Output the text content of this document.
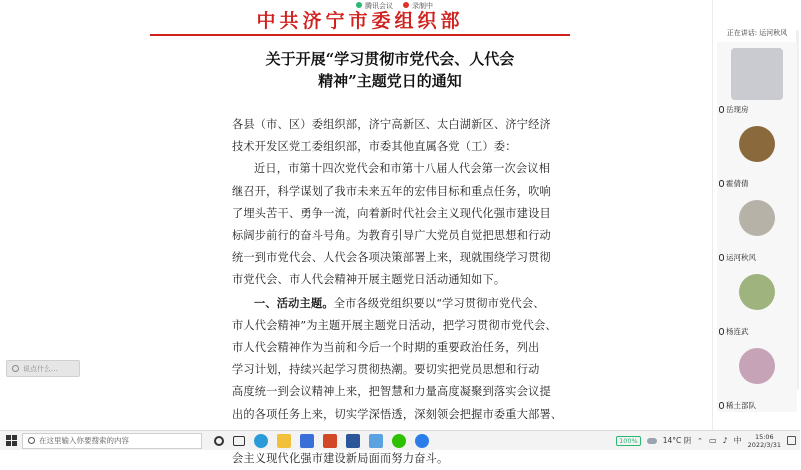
腾讯会议	录制中
中共济宁市委组织部
关于开展“学习贯彻市党代会、人代会
精神”主题党日的通知

各县（市、区）委组织部，济宁高新区、太白湖新区、济宁经济

技术开发区党工委组织部，市委其他直属各党（工）委：

近日，市第十四次党代会和市第十八届人代会第一次会议相

继召开，科学谋划了我市未来五年的宏伟目标和重点任务，吹响

了埋头苦干、勇争一流，向着新时代社会主义现代化强市建设目

标阔步前行的奋斗号角。为教育引导广大党员自觉把思想和行动

统一到市党代会、人代会各项决策部署上来，现就围绕学习贯彻

市党代会、市人代会精神开展主题党日活动通知如下。

一、活动主题。全市各级党组织要以“学习贯彻市党代会、

市人代会精神”为主题开展主题党日活动，把学习贯彻市党代会、

市人代会精神作为当前和今后一个时期的重要政治任务，列出

学习计划，持续兴起学习贯彻热潮。要切实把党员思想和行动

高度统一到会议精神上来，把智慧和力量高度凝聚到落实会议提

出的各项任务上来，切实学深悟透，深刻领会把握市委重大部署、

会主义现代化强市建设新局面而努力奋斗。

说点什么…
正在讲话: 运河秋风
岳现房
霍倩倩
运河秋风
杨连武
稀土部队
在这里输入你要搜索的内容	100%	14°C 阴 ⌃ ▭ ♪ 中	15:06
2022/3/31
